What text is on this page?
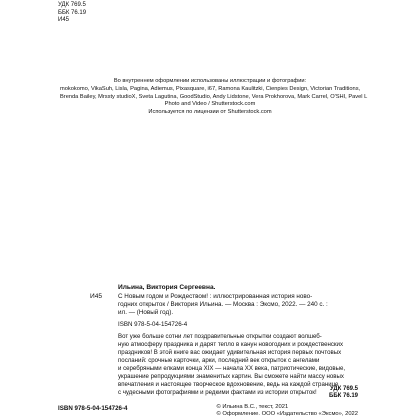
УДК 769.5
ББК 76.19
И45
Во внутреннем оформлении использованы иллюстрации и фотографии:
mokokomo, VikaSuh, Lisla, Pagina, Adiemus, Pixasquare, i67, Ramona Kaulitzki, Cienpies Design, Victorian Traditions,
Brenda Bailey, Mrssty studioX, Sveta Lagutina, GoodStudio, Andy Lidstone, Vera Prokhorova, Mark Carrel, O'SHI, Pavel L
Photo and Video / Shutterstock.com
Используется по лицензии от Shutterstock.com
Ильина, Виктория Сергеевна.
И45	С Новым годом и Рождеством! : иллюстрированная история ново-
годних открыток / Виктория Ильина. — Москва : Эксмо, 2022. — 240 с. :
ил. — (Новый год).
ISBN 978-5-04-154726-4
Вот уже больше сотни лет поздравительные открытки создают волшеб-
ную атмосферу праздника и дарят тепло в канун новогодних и рождественских
праздников! В этой книге вас ожидает удивительная история первых почтовых
посланий: срочные карточки, арки, последний век открыток с ангелами
и серебряными елками конца XIX — начала XX века, патриотические, видовые,
украшение репродукциями знаменитых картин. Вы сможете найти массу новых
впечатления и настоящее творческое вдохновение, ведь на каждой странице
с чудесными фотографиями и редкими фактами из истории открыток!	УДК 769.5
ББК 76.19
ISBN 978-5-04-154726-4	© Ильина В.С., текст, 2021
© Оформление. ООО «Издательство «Эксмо», 2022
